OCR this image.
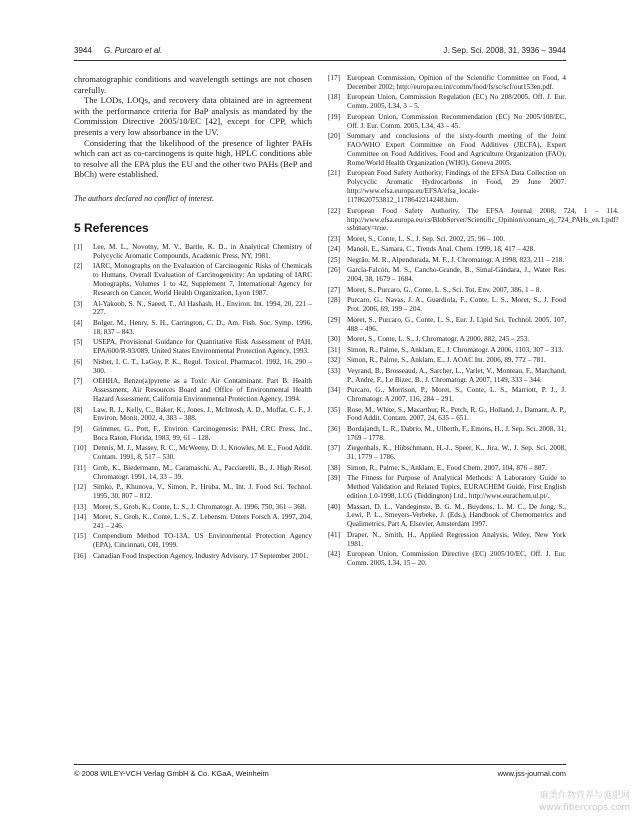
3944 G. Purcaro et al.	J. Sep. Sci. 2008, 31, 3936 – 3944

chromatographic conditions and wavelength settings are not chosen carefully.

The LODs, LOQs, and recovery data obtained are in agreement with the performance criteria for BaP analysis as mandated by the Commission Directive 2005/10/EC [42], except for CPP, which presents a very low absorbance in the UV.

Considering that the likelihood of the presence of lighter PAHs which can act as co-carcinogens is quite high, HPLC conditions able to resolve all the EPA plus the EU and the other two PAHs (BeP and BbCh) were established.

The authors declared no conflict of interest.
5 References
[1]	Lee, M. L., Novotny, M. V., Bartle, K. D., in Analytical Chemistry of Polycyclic Aromatic Compounds, Academic Press, NY, 1981.
[2]	IARC, Monographs on the Evaluation of Carcinogenic Risks of Chemicals to Humans, Overall Evaluation of Carcinogenicity: An updating of IARC Monographs, Volumes 1 to 42, Supplement 7, International Agency for Research on Cancer, World Health Organization, Lyon 1987.
[3]	Al-Yakoob, S. N., Saeed, T., Al Hashash, H., Environ. Int. 1994, 20, 221 – 227.
[4]	Bolger, M., Henry, S. H., Carrington, C. D., Am. Fish. Soc. Symp. 1996, 18, 837 – 843.
[5]	USEPA, Provisional Guidance for Quantitative Risk Assessment of PAH, EPA/600/R-93/089, United States Environmental Protection Agency, 1993.
[6]	Nisbet, I. C. T., LaGoy, P. K., Regul. Toxicol. Pharmacol. 1992, 16, 290 – 300.
[7]	OEHHA, Benzo(a)pyrene as a Toxic Air Contaminant. Part B. Health Assessment, Air Resources Board and Office of Environmental Health Hazard Assessment, California Environmental Protection Agency, 1994.
[8]	Law, R. J., Kelly, C., Baker, K., Jones, J., McIntosh, A. D., Moffat, C. F., J. Environ. Monit. 2002, 4, 383 – 388.
[9]	Grimmer, G., Pott, F., Environ. Carcinogenesis: PAH, CRC Press, Inc., Boca Raton, Florida, 1983, 99, 61 – 128.
[10] Dennis, M. J., Massey, R. C., McWeeny, D. J., Knowles, M. E., Food Addit. Contam. 1991, 8, 517 – 530.
[11]	Grob, K., Biedermann, M., Caramaschi, A., Pacciarelli, B., J. High Resol. Chromatogr. 1991, 14, 33 – 39.
[12] Simko, P., Khunova, V., Simon, P., Hruba, M., Int. J. Food Sci. Technol. 1995, 30, 807 – 812.
[13] Moret, S., Grob, K., Conte, L. S., J. Chromatogr. A. 1996, 750, 361 – 368.
[14] Moret, S., Grob, K., Conte, L. S., Z. Lebensm. Unters Forsch A. 1997, 204, 241 – 246.
[15] Compendium Method TO-13A, US Environmental Protection Agency (EPA), Cincinnati, OH, 1999.
[16] Canadian Food Inspection Agency, Industry Advisory, 17 September 2001.
[17] European Commission, Opinion of the Scientific Committee on Food, 4 December 2002; http://europa.eu.int/comm/food/fs/sc/scf/out153en.pdf.
[18] European Union, Commission Regulation (EC) No 208/2005, Off. J. Eur. Comm. 2005, L34, 3 – 5.
[19] European Union, Commission Recommendation (EC) No 2005/108/EC, Off. J. Eur. Comm. 2005, L34, 43 – 45.
[20] Summary and conclusions of the sixty-fourth meeting of the Joint FAO/WHO Expert Committee on Food Additives (JECFA), Expert Committee on Food Additives, Food and Agriculture Organization (FAO), Rome/World Health Organization (WHO), Geneva 2005.
[21] European Food Safety Authority, Findings of the EFSA Data Collection on Polycyclic Aromatic Hydrocarbons in Food, 29 June 2007. http://www.efsa.europa.eu/EFSA/efsa_locale-1178620753812_1178642214248.htm.
[22] European Food Safety Authority, The EFSA Journal 2008, 724, 1 – 114. http://www.efsa.europa.eu/cs/BlobServer/Scientific_Opinion/contam_ej_724_PAHs_en.1.pdf?ssbinary=true.
[23] Moret, S., Conte, L. S., J. Sep. Sci. 2002, 25, 96 – 100.
[24] Manoli, E., Samara, C., Trends Anal. Chem. 1999, 18, 417 – 428.
[25] Negrão, M. R., Alpendurada, M. F., J. Chromatogr. A 1998, 823, 211 – 218.
[26] García-Falcón, M. S., Cancho-Grande, B., Simal-Gándara, J., Water Res. 2004, 38, 1679 – 1684.
[27] Moret, S., Purcaro, G., Conte, L. S., Sci. Tot. Env. 2007, 386, 1 – 8.
[28] Purcaro, G., Navas, J. A., Guardiola, F., Conte, L. S., Moret, S., J. Food Prot. 2006, 69, 199 – 204.
[29] Moret, S., Purcaro, G., Conte, L. S., Eur. J. Lipid Sci. Technol. 2005, 107, 488 – 496.
[30] Moret, S., Conte, L. S., J. Chromatogr. A 2000, 882, 245 – 253.
[31] Simon, R., Palme, S., Anklam, E., J. Chromatogr. A 2006, 1103, 307 – 313.
[32] Simon, R., Palme, S., Anklam, E., J. AOAC Int. 2006, 89, 772 – 781.
[33] Veyrand, B., Brosseaud, A., Sarcher, L., Varlet, V., Monteau, F., Marchand, P., Andre, F., Le Bizec, B., J. Chromatogr. A 2007, 1149, 333 – 344.
[34] Purcaro, G., Morrison, P., Moret, S., Conte, L. S., Marriott, P. J., J. Chromatogr. A 2007, 116, 284 – 291.
[35] Rose, M., White, S., Macarthur, R., Petch, R. G., Holland, J., Damant, A. P., Food Addit. Contam. 2007, 24, 635 – 651.
[36] Bordajandi, L. R., Dabrio, M., Ulberth, F., Emons, H., J. Sep. Sci. 2008, 31, 1769 – 1778.
[37] Ziegenhals, K., Hübschmann, H.-J., Speer, K., Jira, W., J. Sep. Sci. 2008, 31, 1779 – 1786.
[38] Simon, R., Palme, S., Anklam, E., Food Chem. 2007, 104, 876 – 887.
[39] The Fitness for Purpose of Analytical Methods: A Laboratory Guide to Method Validation and Related Topics, EURACHEM Guide, First English edition 1.0-1998, LCG (Teddington) Ltd., http://www.eurachem.ul.pt/.
[40] Massart, D. L., Vandeginste, B. G. M., Buydens, L. M. C., De Jong, S., Lewi, P. L., Smeyers-Verbeke, J. (Eds.), Handbook of Chemometrics and Qualimetrics, Part A, Elsevier, Amsterdam 1997.
[41] Draper, N., Smith, H., Applied Regression Analysis, Wiley, New York 1981.
[42] European Union, Commission Directive (EC) 2005/10/EC, Off. J. Eur. Comm. 2005, L34, 15 – 20.
© 2008 WILEY-VCH Verlag GmbH & Co. KGaA, Weinheim	www.jss-journal.com
麻类作物营养与施肥网
www.fibercrops.com
